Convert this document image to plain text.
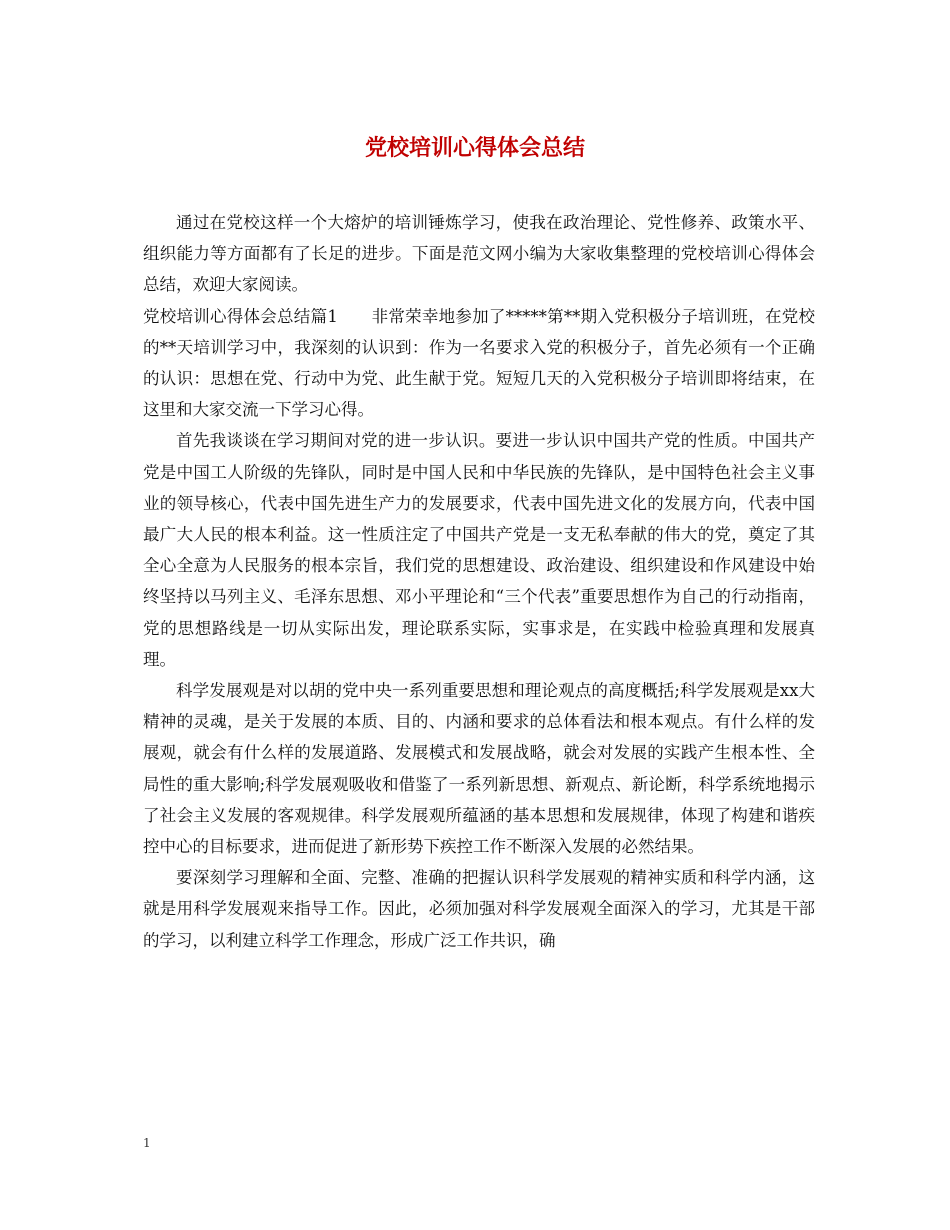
党校培训心得体会总结

通过在党校这样一个大熔炉的培训锤炼学习，使我在政治理论、党性修养、政策水平、组织能力等方面都有了长足的进步。下面是范文网小编为大家收集整理的党校培训心得体会总结，欢迎大家阅读。

党校培训心得体会总结篇1　　非常荣幸地参加了*****第**期入党积极分子培训班，在党校的**天培训学习中，我深刻的认识到：作为一名要求入党的积极分子，首先必须有一个正确的认识：思想在党、行动中为党、此生献于党。短短几天的入党积极分子培训即将结束，在这里和大家交流一下学习心得。

首先我谈谈在学习期间对党的进一步认识。要进一步认识中国共产党的性质。中国共产党是中国工人阶级的先锋队，同时是中国人民和中华民族的先锋队，是中国特色社会主义事业的领导核心，代表中国先进生产力的发展要求，代表中国先进文化的发展方向，代表中国最广大人民的根本利益。这一性质注定了中国共产党是一支无私奉献的伟大的党，奠定了其全心全意为人民服务的根本宗旨，我们党的思想建设、政治建设、组织建设和作风建设中始终坚持以马列主义、毛泽东思想、邓小平理论和“三个代表”重要思想作为自己的行动指南，党的思想路线是一切从实际出发，理论联系实际，实事求是，在实践中检验真理和发展真理。

科学发展观是对以胡的党中央一系列重要思想和理论观点的高度概括;科学发展观是xx大精神的灵魂，是关于发展的本质、目的、内涵和要求的总体看法和根本观点。有什么样的发展观，就会有什么样的发展道路、发展模式和发展战略，就会对发展的实践产生根本性、全局性的重大影响;科学发展观吸收和借鉴了一系列新思想、新观点、新论断，科学系统地揭示了社会主义发展的客观规律。科学发展观所蕴涵的基本思想和发展规律，体现了构建和谐疾控中心的目标要求，进而促进了新形势下疾控工作不断深入发展的必然结果。

要深刻学习理解和全面、完整、准确的把握认识科学发展观的精神实质和科学内涵，这就是用科学发展观来指导工作。因此，必须加强对科学发展观全面深入的学习，尤其是干部的学习，以利建立科学工作理念，形成广泛工作共识，确

1
